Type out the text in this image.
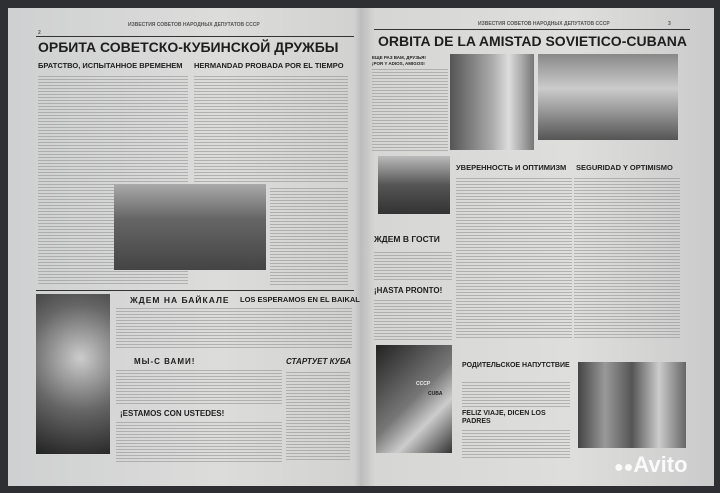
ИЗВЕСТИЯ СОВЕТОВ НАРОДНЫХ ДЕПУТАТОВ СССР
2
ОРБИТА СОВЕТСКО-КУБИНСКОЙ ДРУЖБЫ
БРАТСТВО, ИСПЫТАННОЕ ВРЕМЕНЕМ HERMANDAD PROBADA POR EL TIEMPO
ЖДЕМ НА БАЙКАЛЕ LOS ESPERAMOS EN EL BAIKAL
МЫ-С ВАМИ!	СТАРТУЕТ КУБА
¡ESTAMOS CON USTEDES!
ИЗВЕСТИЯ СОВЕТОВ НАРОДНЫХ ДЕПУТАТОВ СССР	3
ORBITA DE LA AMISTAD SOVIETICO-CUBANA
ЕЩЕ РАЗ ВАМ, ДРУЗЬЯ!
¡POR Y ADIOS, AMIGOS!
УВЕРЕННОСТЬ И ОПТИМИЗМ SEGURIDAD Y OPTIMISMO
ЖДЕМ В ГОСТИ
¡HASTA PRONTO!
СССР
CUBA
РОДИТЕЛЬСКОЕ НАПУТСТВИЕ
FELIZ VIAJE, DICEN LOS PADRES
●●Avito
